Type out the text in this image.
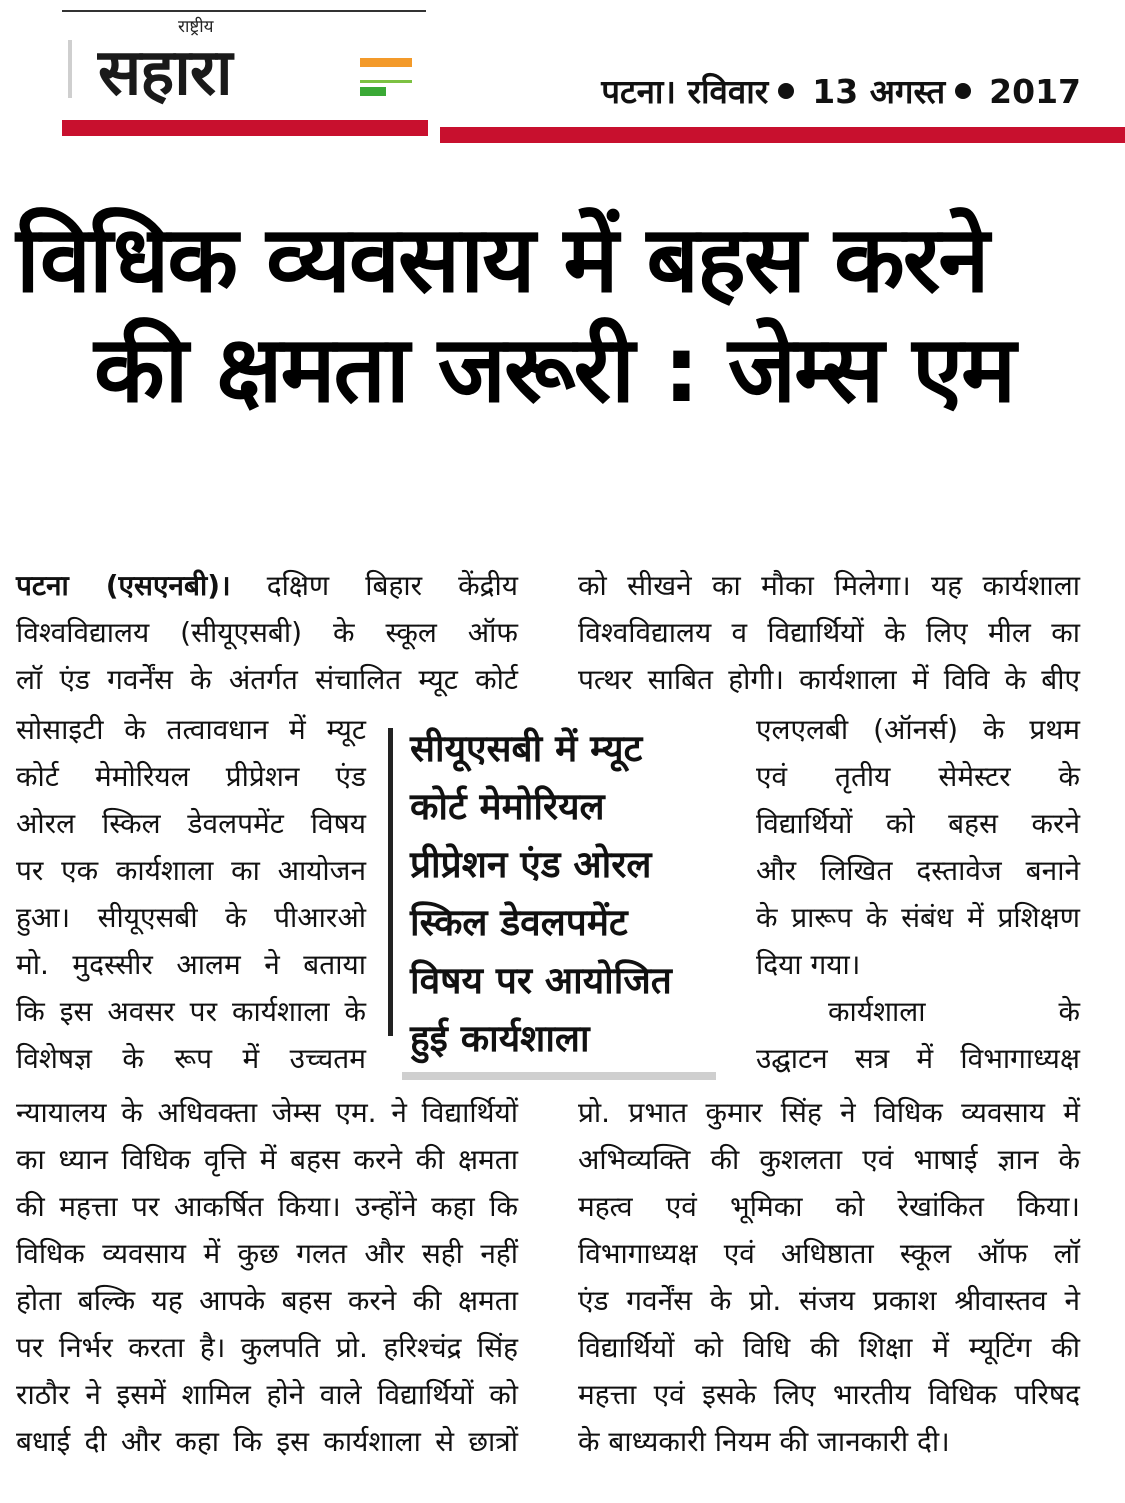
राष्ट्रीय
सहारा	पटना। रविवार 13 अगस्त 2017
विधिक व्यवसाय में बहस करने
की क्षमता जरूरी : जेम्स एम

पटना (एसएनबी)। दक्षिण बिहार केंद्रीय

विश्वविद्यालय (सीयूएसबी) के स्कूल ऑफ

लॉ एंड गवर्नेंस के अंतर्गत संचालित म्यूट कोर्ट

सोसाइटी के तत्वावधान में म्यूट

कोर्ट मेमोरियल प्रीप्रेशन एंड

ओरल स्किल डेवलपमेंट विषय

पर एक कार्यशाला का आयोजन

हुआ। सीयूएसबी के पीआरओ

मो. मुदस्सीर आलम ने बताया

कि इस अवसर पर कार्यशाला के

विशेषज्ञ के रूप में उच्चतम

न्यायालय के अधिवक्ता जेम्स एम. ने विद्यार्थियों

का ध्यान विधिक वृत्ति में बहस करने की क्षमता

की महत्ता पर आकर्षित किया। उन्होंने कहा कि

विधिक व्यवसाय में कुछ गलत और सही नहीं

होता बल्कि यह आपके बहस करने की क्षमता

पर निर्भर करता है। कुलपति प्रो. हरिश्चंद्र सिंह

राठौर ने इसमें शामिल होने वाले विद्यार्थियों को

बधाई दी और कहा कि इस कार्यशाला से छात्रों

सीयूएसबी में म्यूट
कोर्ट मेमोरियल
प्रीप्रेशन एंड ओरल
स्किल डेवलपमेंट
विषय पर आयोजित
हुई कार्यशाला

को सीखने का मौका मिलेगा। यह कार्यशाला

विश्वविद्यालय व विद्यार्थियों के लिए मील का

पत्थर साबित होगी। कार्यशाला में विवि के बीए

एलएलबी (ऑनर्स) के प्रथम

एवं तृतीय सेमेस्टर के

विद्यार्थियों को बहस करने

और लिखित दस्तावेज बनाने

के प्रारूप के संबंध में प्रशिक्षण

दिया गया।

कार्यशाला के

उद्घाटन सत्र में विभागाध्यक्ष

प्रो. प्रभात कुमार सिंह ने विधिक व्यवसाय में

अभिव्यक्ति की कुशलता एवं भाषाई ज्ञान के

महत्व एवं भूमिका को रेखांकित किया।

विभागाध्यक्ष एवं अधिष्ठाता स्कूल ऑफ लॉ

एंड गवर्नेंस के प्रो. संजय प्रकाश श्रीवास्तव ने

विद्यार्थियों को विधि की शिक्षा में म्यूटिंग की

महत्ता एवं इसके लिए भारतीय विधिक परिषद

के बाध्यकारी नियम की जानकारी दी।
